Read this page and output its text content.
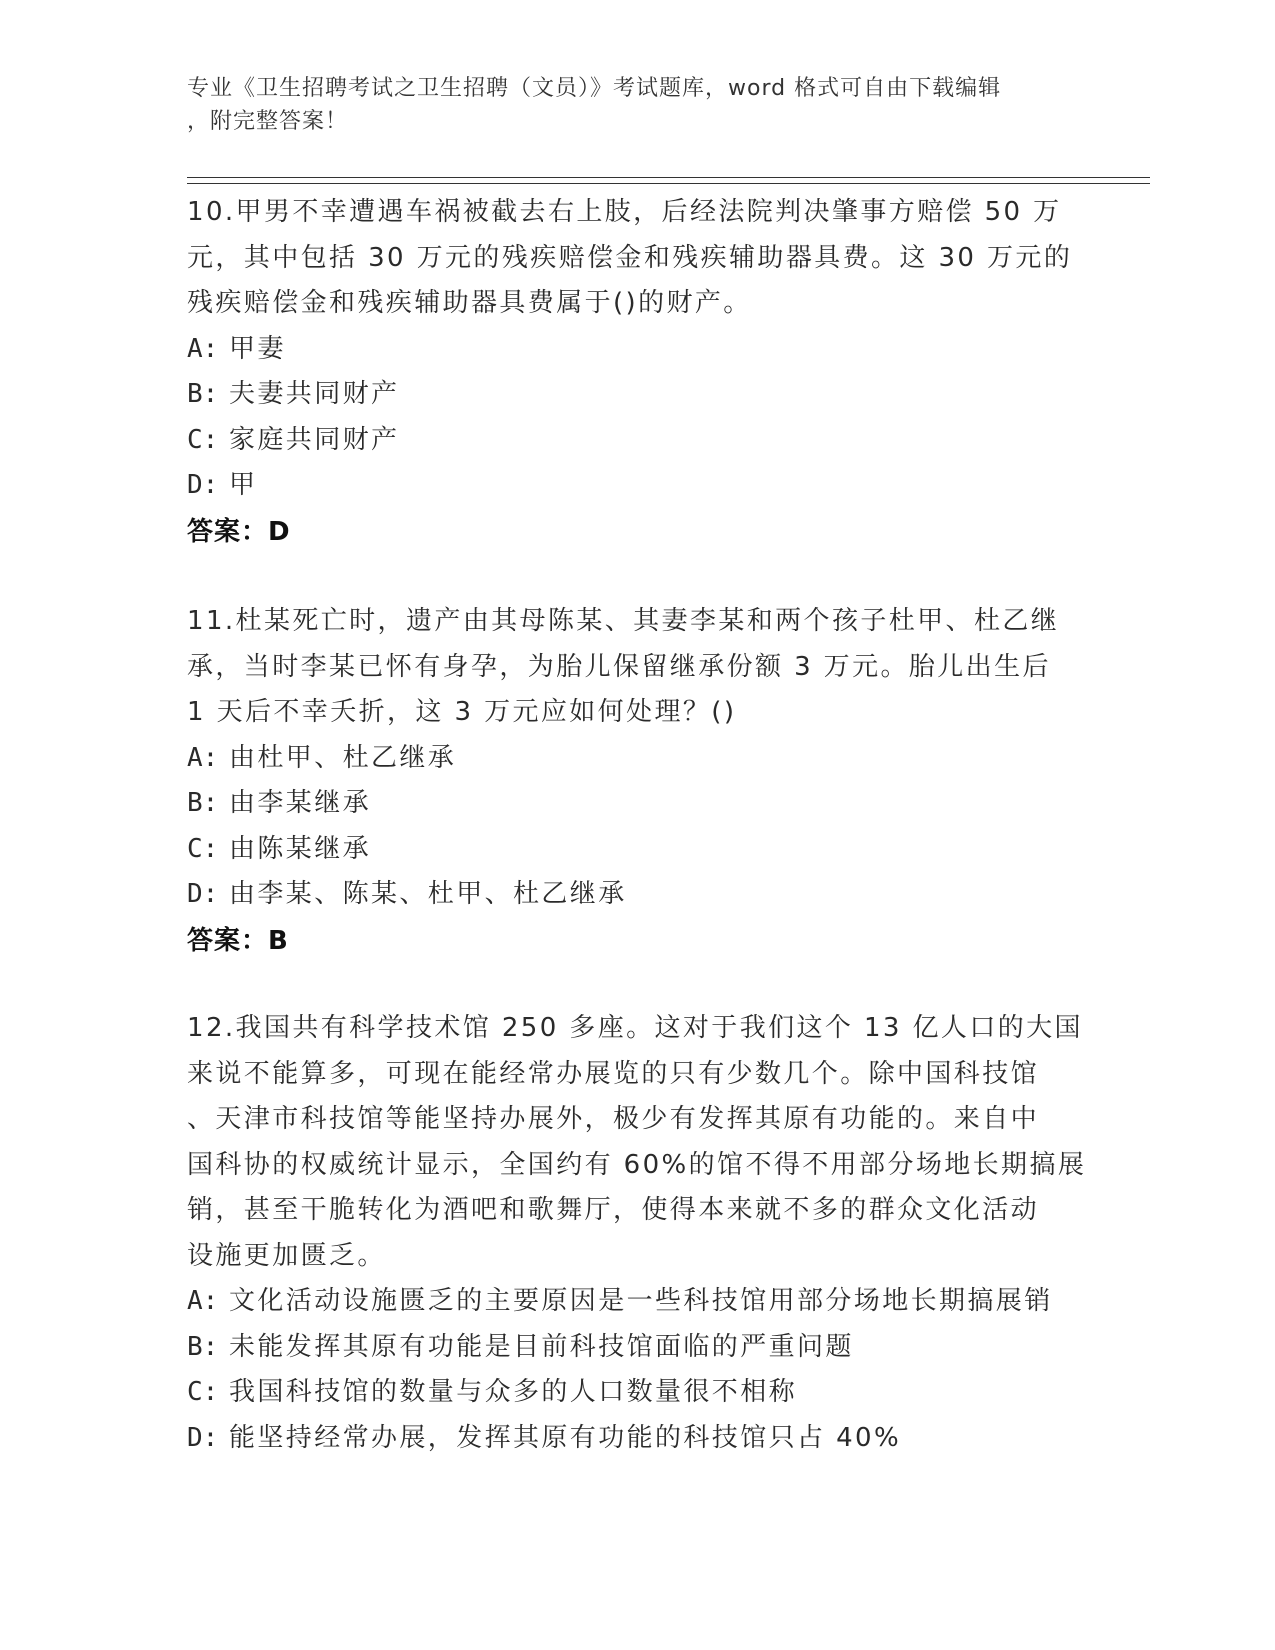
专业《卫生招聘考试之卫生招聘（文员）》考试题库，word 格式可自由下载编辑
，附完整答案！
10.甲男不幸遭遇车祸被截去右上肢，后经法院判决肇事方赔偿 50 万
元，其中包括 30 万元的残疾赔偿金和残疾辅助器具费。这 30 万元的
残疾赔偿金和残疾辅助器具费属于()的财产。
A: 甲妻
B: 夫妻共同财产
C: 家庭共同财产
D: 甲
答案：D
11.杜某死亡时，遗产由其母陈某、其妻李某和两个孩子杜甲、杜乙继
承，当时李某已怀有身孕，为胎儿保留继承份额 3 万元。胎儿出生后
1 天后不幸夭折，这 3 万元应如何处理？()
A: 由杜甲、杜乙继承
B: 由李某继承
C: 由陈某继承
D: 由李某、陈某、杜甲、杜乙继承
答案：B
12.我国共有科学技术馆 250 多座。这对于我们这个 13 亿人口的大国
来说不能算多，可现在能经常办展览的只有少数几个。除中国科技馆
、天津市科技馆等能坚持办展外，极少有发挥其原有功能的。来自中
国科协的权威统计显示，全国约有 60%的馆不得不用部分场地长期搞展
销，甚至干脆转化为酒吧和歌舞厅，使得本来就不多的群众文化活动
设施更加匮乏。
A: 文化活动设施匮乏的主要原因是一些科技馆用部分场地长期搞展销
B: 未能发挥其原有功能是目前科技馆面临的严重问题
C: 我国科技馆的数量与众多的人口数量很不相称
D: 能坚持经常办展，发挥其原有功能的科技馆只占 40%
